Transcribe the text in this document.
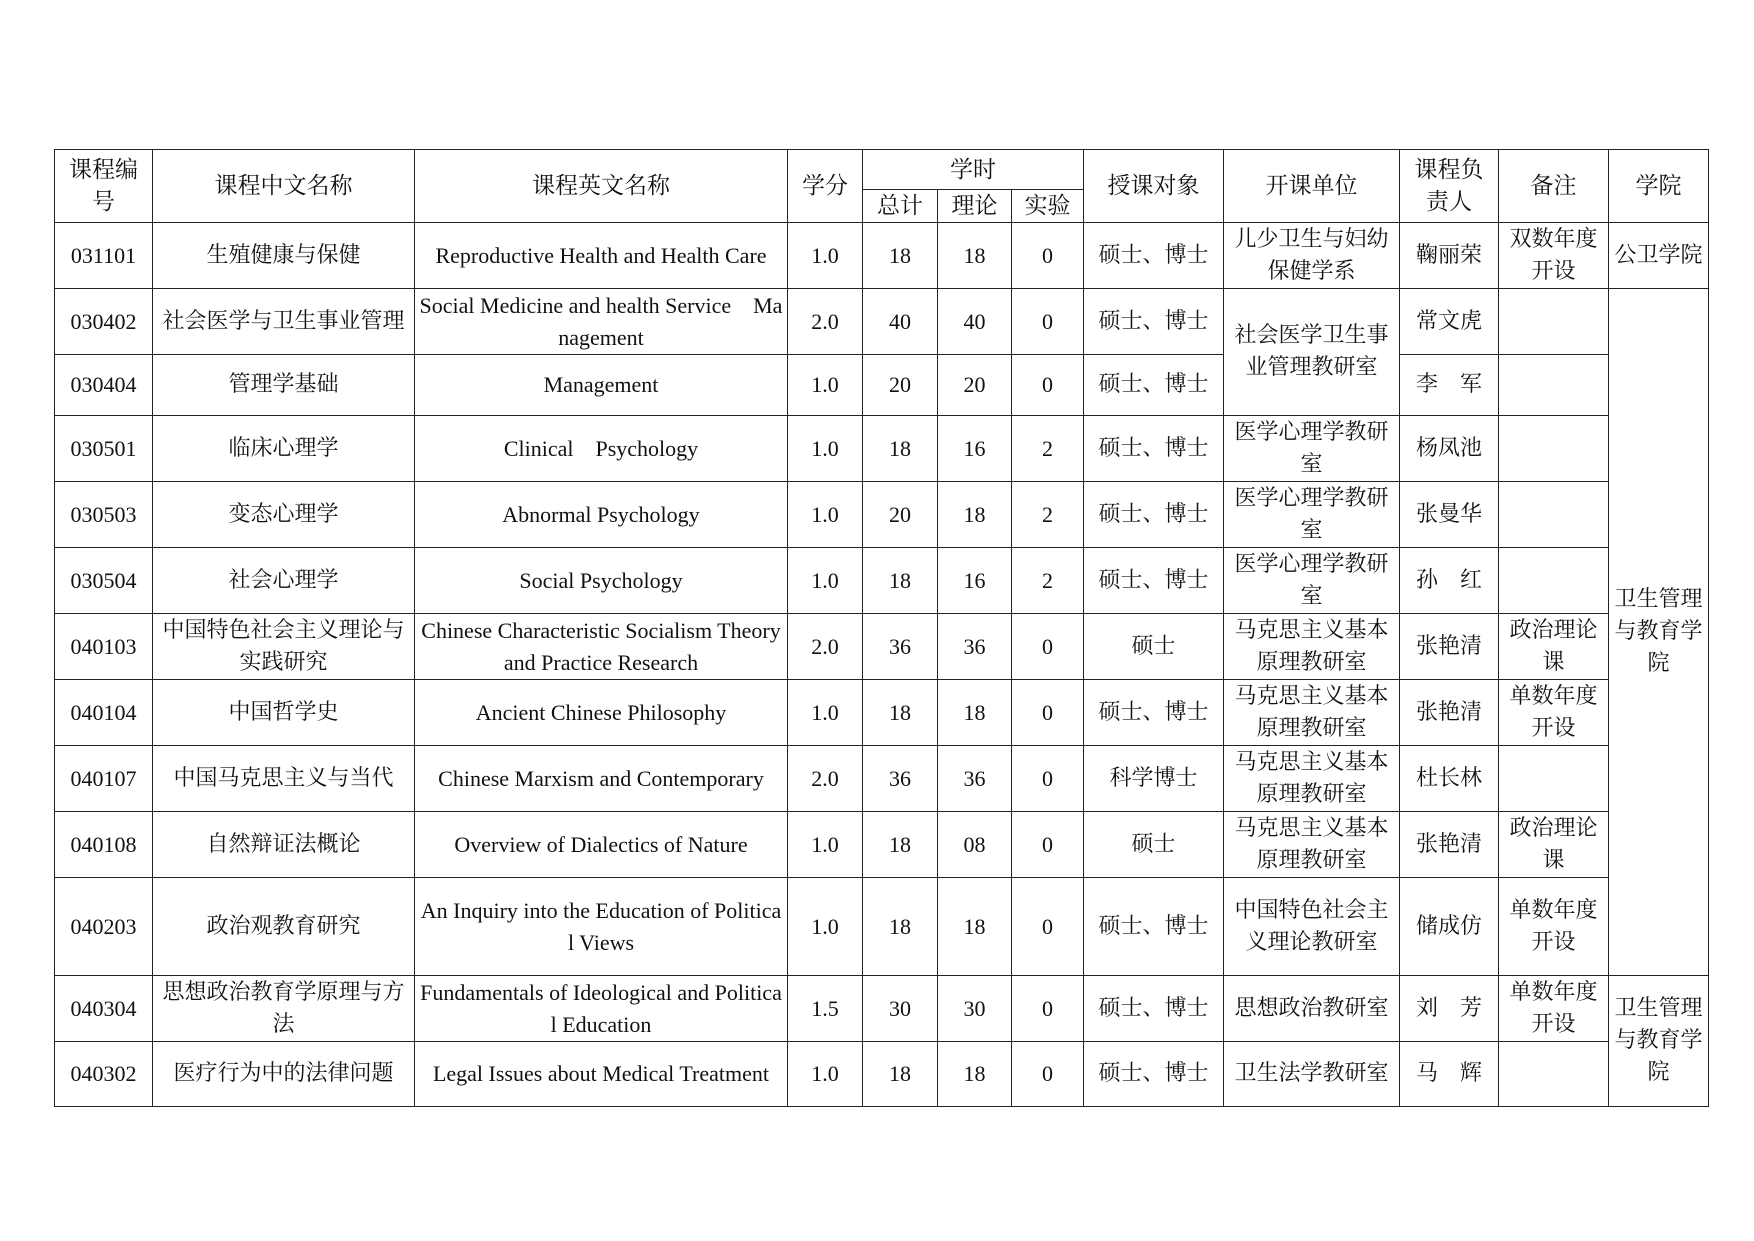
课程编号	课程中文名称	课程英文名称	学分	学时			授课对象	开课单位	课程负责人	备注	学院
				总计	理论	实验					
031101	生殖健康与保健	Reproductive Health and Health Care	1.0	18	18	0	硕士、博士	儿少卫生与妇幼保健学系	鞠丽荣	双数年度开设	公卫学院
030402	社会医学与卫生事业管理	Social Medicine and health Service　Management	2.0	40	40	0	硕士、博士	社会医学卫生事业管理教研室	常文虎		卫生管理与教育学院
030404	管理学基础	Management	1.0	20	20	0	硕士、博士		李　军		
030501	临床心理学	Clinical　Psychology	1.0	18	16	2	硕士、博士	医学心理学教研室	杨凤池		
030503	变态心理学	Abnormal Psychology	1.0	20	18	2	硕士、博士	医学心理学教研室	张曼华		
030504	社会心理学	Social Psychology	1.0	18	16	2	硕士、博士	医学心理学教研室	孙　红		
040103	中国特色社会主义理论与实践研究	Chinese Characteristic Socialism Theory and Practice Research	2.0	36	36	0	硕士	马克思主义基本原理教研室	张艳清	政治理论课	
040104	中国哲学史	Ancient Chinese Philosophy	1.0	18	18	0	硕士、博士	马克思主义基本原理教研室	张艳清	单数年度开设	
040107	中国马克思主义与当代	Chinese Marxism and Contemporary	2.0	36	36	0	科学博士	马克思主义基本原理教研室	杜长林		
040108	自然辩证法概论	Overview of Dialectics of Nature	1.0	18	08	0	硕士	马克思主义基本原理教研室	张艳清	政治理论课	
040203	政治观教育研究	An Inquiry into the Education of Political Views	1.0	18	18	0	硕士、博士	中国特色社会主义理论教研室	储成仿	单数年度开设	
040304	思想政治教育学原理与方法	Fundamentals of Ideological and Political Education	1.5	30	30	0	硕士、博士	思想政治教研室	刘　芳	单数年度开设	卫生管理与教育学院
040302	医疗行为中的法律问题	Legal Issues about Medical Treatment	1.0	18	18	0	硕士、博士	卫生法学教研室	马　辉		
